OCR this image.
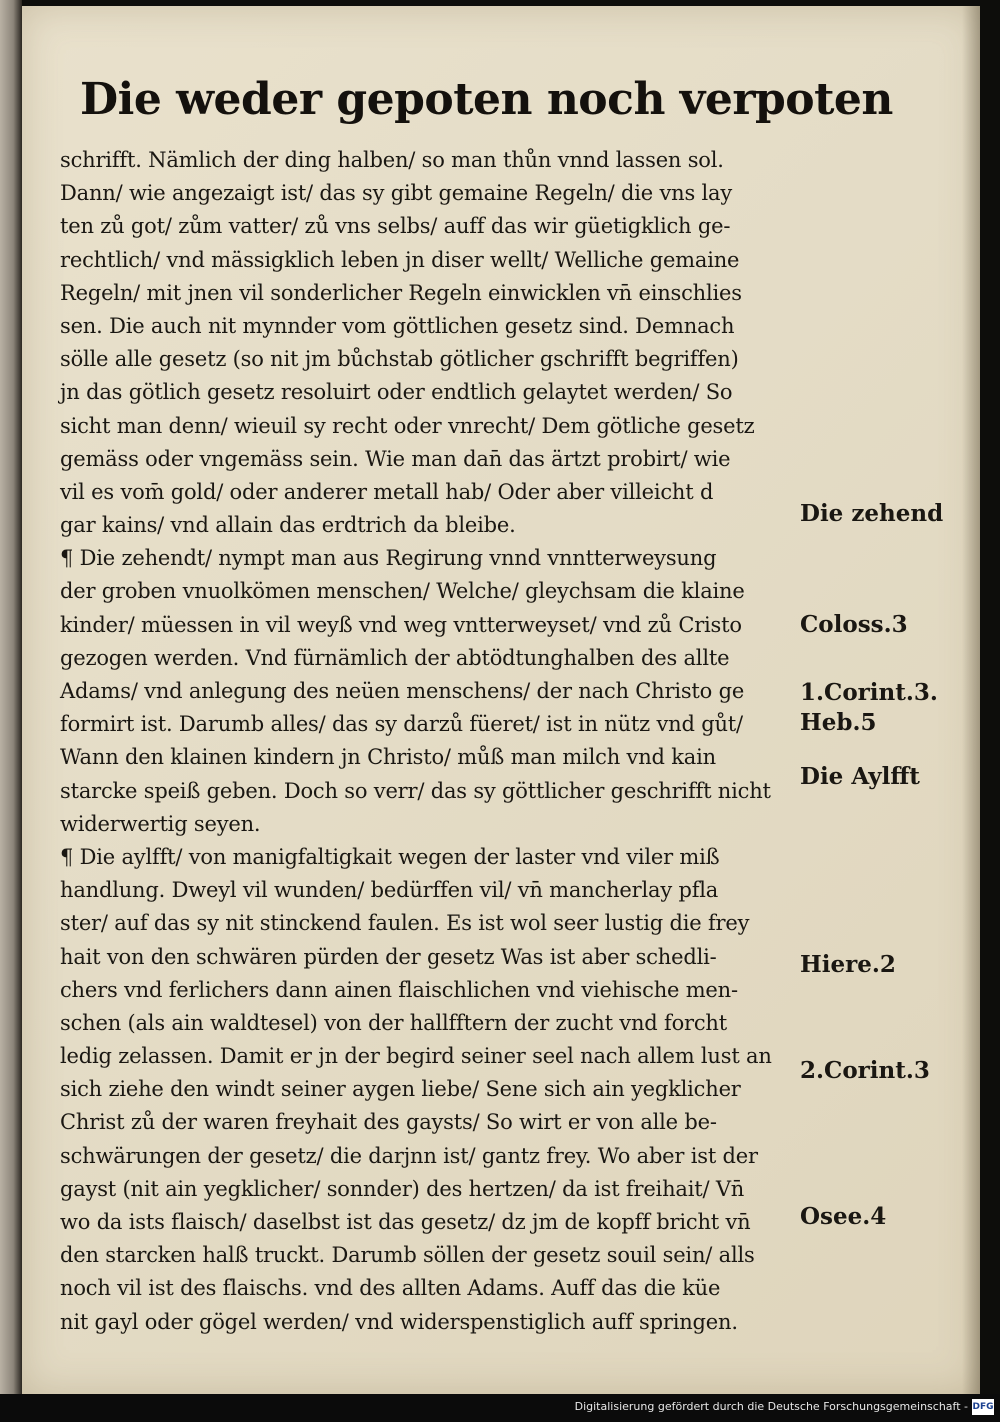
Die weder gepoten noch verpoten
schrifft. Nämlich der ding halben/ so man thůn vnnd lassen sol.
Dann/ wie angezaigt ist/ das sy gibt gemaine Regeln/ die vns lay
ten zů got/ zům vatter/ zů vns selbs/ auff das wir güetigklich ge-
rechtlich/ vnd mässigklich leben jn diser wellt/ Welliche gemaine
Regeln/ mit jnen vil sonderlicher Regeln einwicklen vn̄ einschlies
sen. Die auch nit mynnder vom göttlichen gesetz sind. Demnach
sölle alle gesetz (so nit jm bůchstab götlicher gschrifft begriffen)
jn das götlich gesetz resoluirt oder endtlich gelaytet werden/ So
sicht man denn/ wieuil sy recht oder vnrecht/ Dem götliche gesetz
gemäss oder vngemäss sein. Wie man dan̄ das ärtzt probirt/ wie
vil es vom̄ gold/ oder anderer metall hab/ Oder aber villeicht d
gar kains/ vnd allain das erdtrich da bleibe.
¶ Die zehendt/ nympt man aus Regirung vnnd vnntterweysung
der groben vnuolkömen menschen/ Welche/ gleychsam die klaine
kinder/ müessen in vil weyß vnd weg vntterweyset/ vnd zů Cristo
gezogen werden. Vnd fürnämlich der abtödtunghalben des allte
Adams/ vnd anlegung des neüen menschens/ der nach Christo ge
formirt ist. Darumb alles/ das sy darzů füeret/ ist in nütz vnd gůt/
Wann den klainen kindern jn Christo/ můß man milch vnd kain
starcke speiß geben. Doch so verr/ das sy göttlicher geschrifft nicht
widerwertig seyen.
¶ Die aylfft/ von manigfaltigkait wegen der laster vnd viler miß
handlung. Dweyl vil wunden/ bedürffen vil/ vn̄ mancherlay pfla
ster/ auf das sy nit stinckend faulen. Es ist wol seer lustig die frey
hait von den schwären pürden der gesetz Was ist aber schedli-
chers vnd ferlichers dann ainen flaischlichen vnd viehische men-
schen (als ain waldtesel) von der hallfftern der zucht vnd forcht
ledig zelassen. Damit er jn der begird seiner seel nach allem lust an
sich ziehe den windt seiner aygen liebe/ Sene sich ain yegklicher
Christ zů der waren freyhait des gaysts/ So wirt er von alle be-
schwärungen der gesetz/ die darjnn ist/ gantz frey. Wo aber ist der
gayst (nit ain yegklicher/ sonnder) des hertzen/ da ist freihait/ Vn̄
wo da ists flaisch/ daselbst ist das gesetz/ dz jm de kopff bricht vn̄
den starcken halß truckt. Darumb söllen der gesetz souil sein/ alls
noch vil ist des flaischs. vnd des allten Adams. Auff das die küe
nit gayl oder gögel werden/ vnd widerspenstiglich auff springen.
Die zehend
Coloss.3
1.Corint.3.
Heb.5
Die Aylfft
Hiere.2
2.Corint.3
Osee.4
Digitalisierung gefördert durch die Deutsche Forschungsgemeinschaft - DFG
